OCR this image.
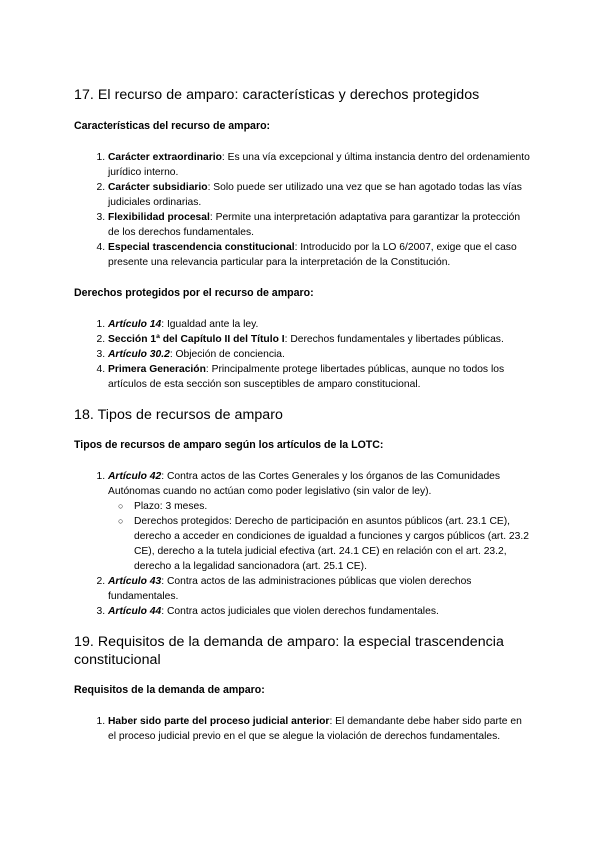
17. El recurso de amparo: características y derechos protegidos
Características del recurso de amparo:
1. Carácter extraordinario: Es una vía excepcional y última instancia dentro del ordenamiento jurídico interno.
2. Carácter subsidiario: Solo puede ser utilizado una vez que se han agotado todas las vías judiciales ordinarias.
3. Flexibilidad procesal: Permite una interpretación adaptativa para garantizar la protección de los derechos fundamentales.
4. Especial trascendencia constitucional: Introducido por la LO 6/2007, exige que el caso presente una relevancia particular para la interpretación de la Constitución.
Derechos protegidos por el recurso de amparo:
1. Artículo 14: Igualdad ante la ley.
2. Sección 1ª del Capítulo II del Título I: Derechos fundamentales y libertades públicas.
3. Artículo 30.2: Objeción de conciencia.
4. Primera Generación: Principalmente protege libertades públicas, aunque no todos los artículos de esta sección son susceptibles de amparo constitucional.
18. Tipos de recursos de amparo
Tipos de recursos de amparo según los artículos de la LOTC:
1. Artículo 42: Contra actos de las Cortes Generales y los órganos de las Comunidades Autónomas cuando no actúan como poder legislativo (sin valor de ley).
○ Plazo: 3 meses.
○ Derechos protegidos: Derecho de participación en asuntos públicos (art. 23.1 CE), derecho a acceder en condiciones de igualdad a funciones y cargos públicos (art. 23.2 CE), derecho a la tutela judicial efectiva (art. 24.1 CE) en relación con el art. 23.2, derecho a la legalidad sancionadora (art. 25.1 CE).
2. Artículo 43: Contra actos de las administraciones públicas que violen derechos fundamentales.
3. Artículo 44: Contra actos judiciales que violen derechos fundamentales.
19. Requisitos de la demanda de amparo: la especial trascendencia constitucional
Requisitos de la demanda de amparo:
1. Haber sido parte del proceso judicial anterior: El demandante debe haber sido parte en el proceso judicial previo en el que se alegue la violación de derechos fundamentales.
